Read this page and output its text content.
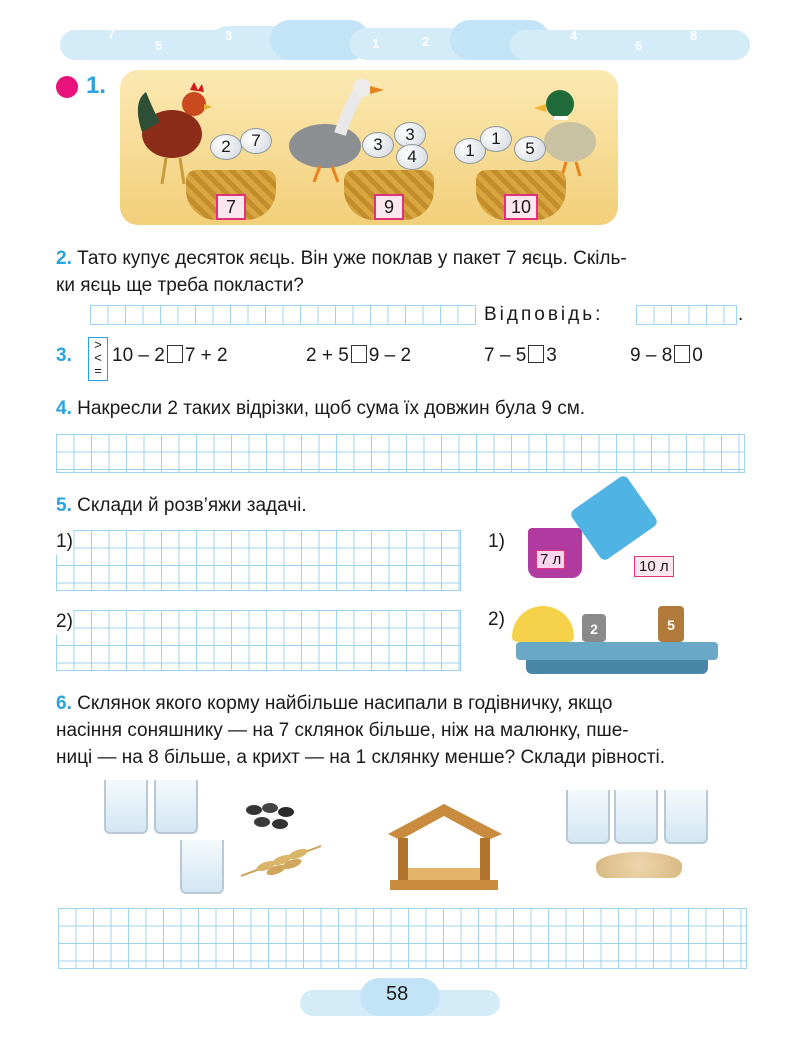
7
5
3
0
1	2	4
6
8
1.
2	7	3
3
4	1
1
5
7	9	10
2. Тато купує десяток яєць. Він уже поклав у пакет 7 яєць. Скіль-
ки яєць ще треба покласти?
Відповідь:	.
3.
>
<
=
10 – 2 7 + 2	2 + 5 9 – 2	7 – 5 3	9 – 8 0
4. Накресли 2 таких відрізки, щоб сума їх довжин була 9 см.
5. Склади й розв’яжи задачі.
1)
2)
1)
7 л	10 л
2)	2	5
6. Склянок якого корму найбільше насипали в годівничку, якщо
насіння соняшнику — на 7 склянок більше, ніж на малюнку, пше-
ниці — на 8 більше, а крихт — на 1 склянку менше? Склади рівності.
58
